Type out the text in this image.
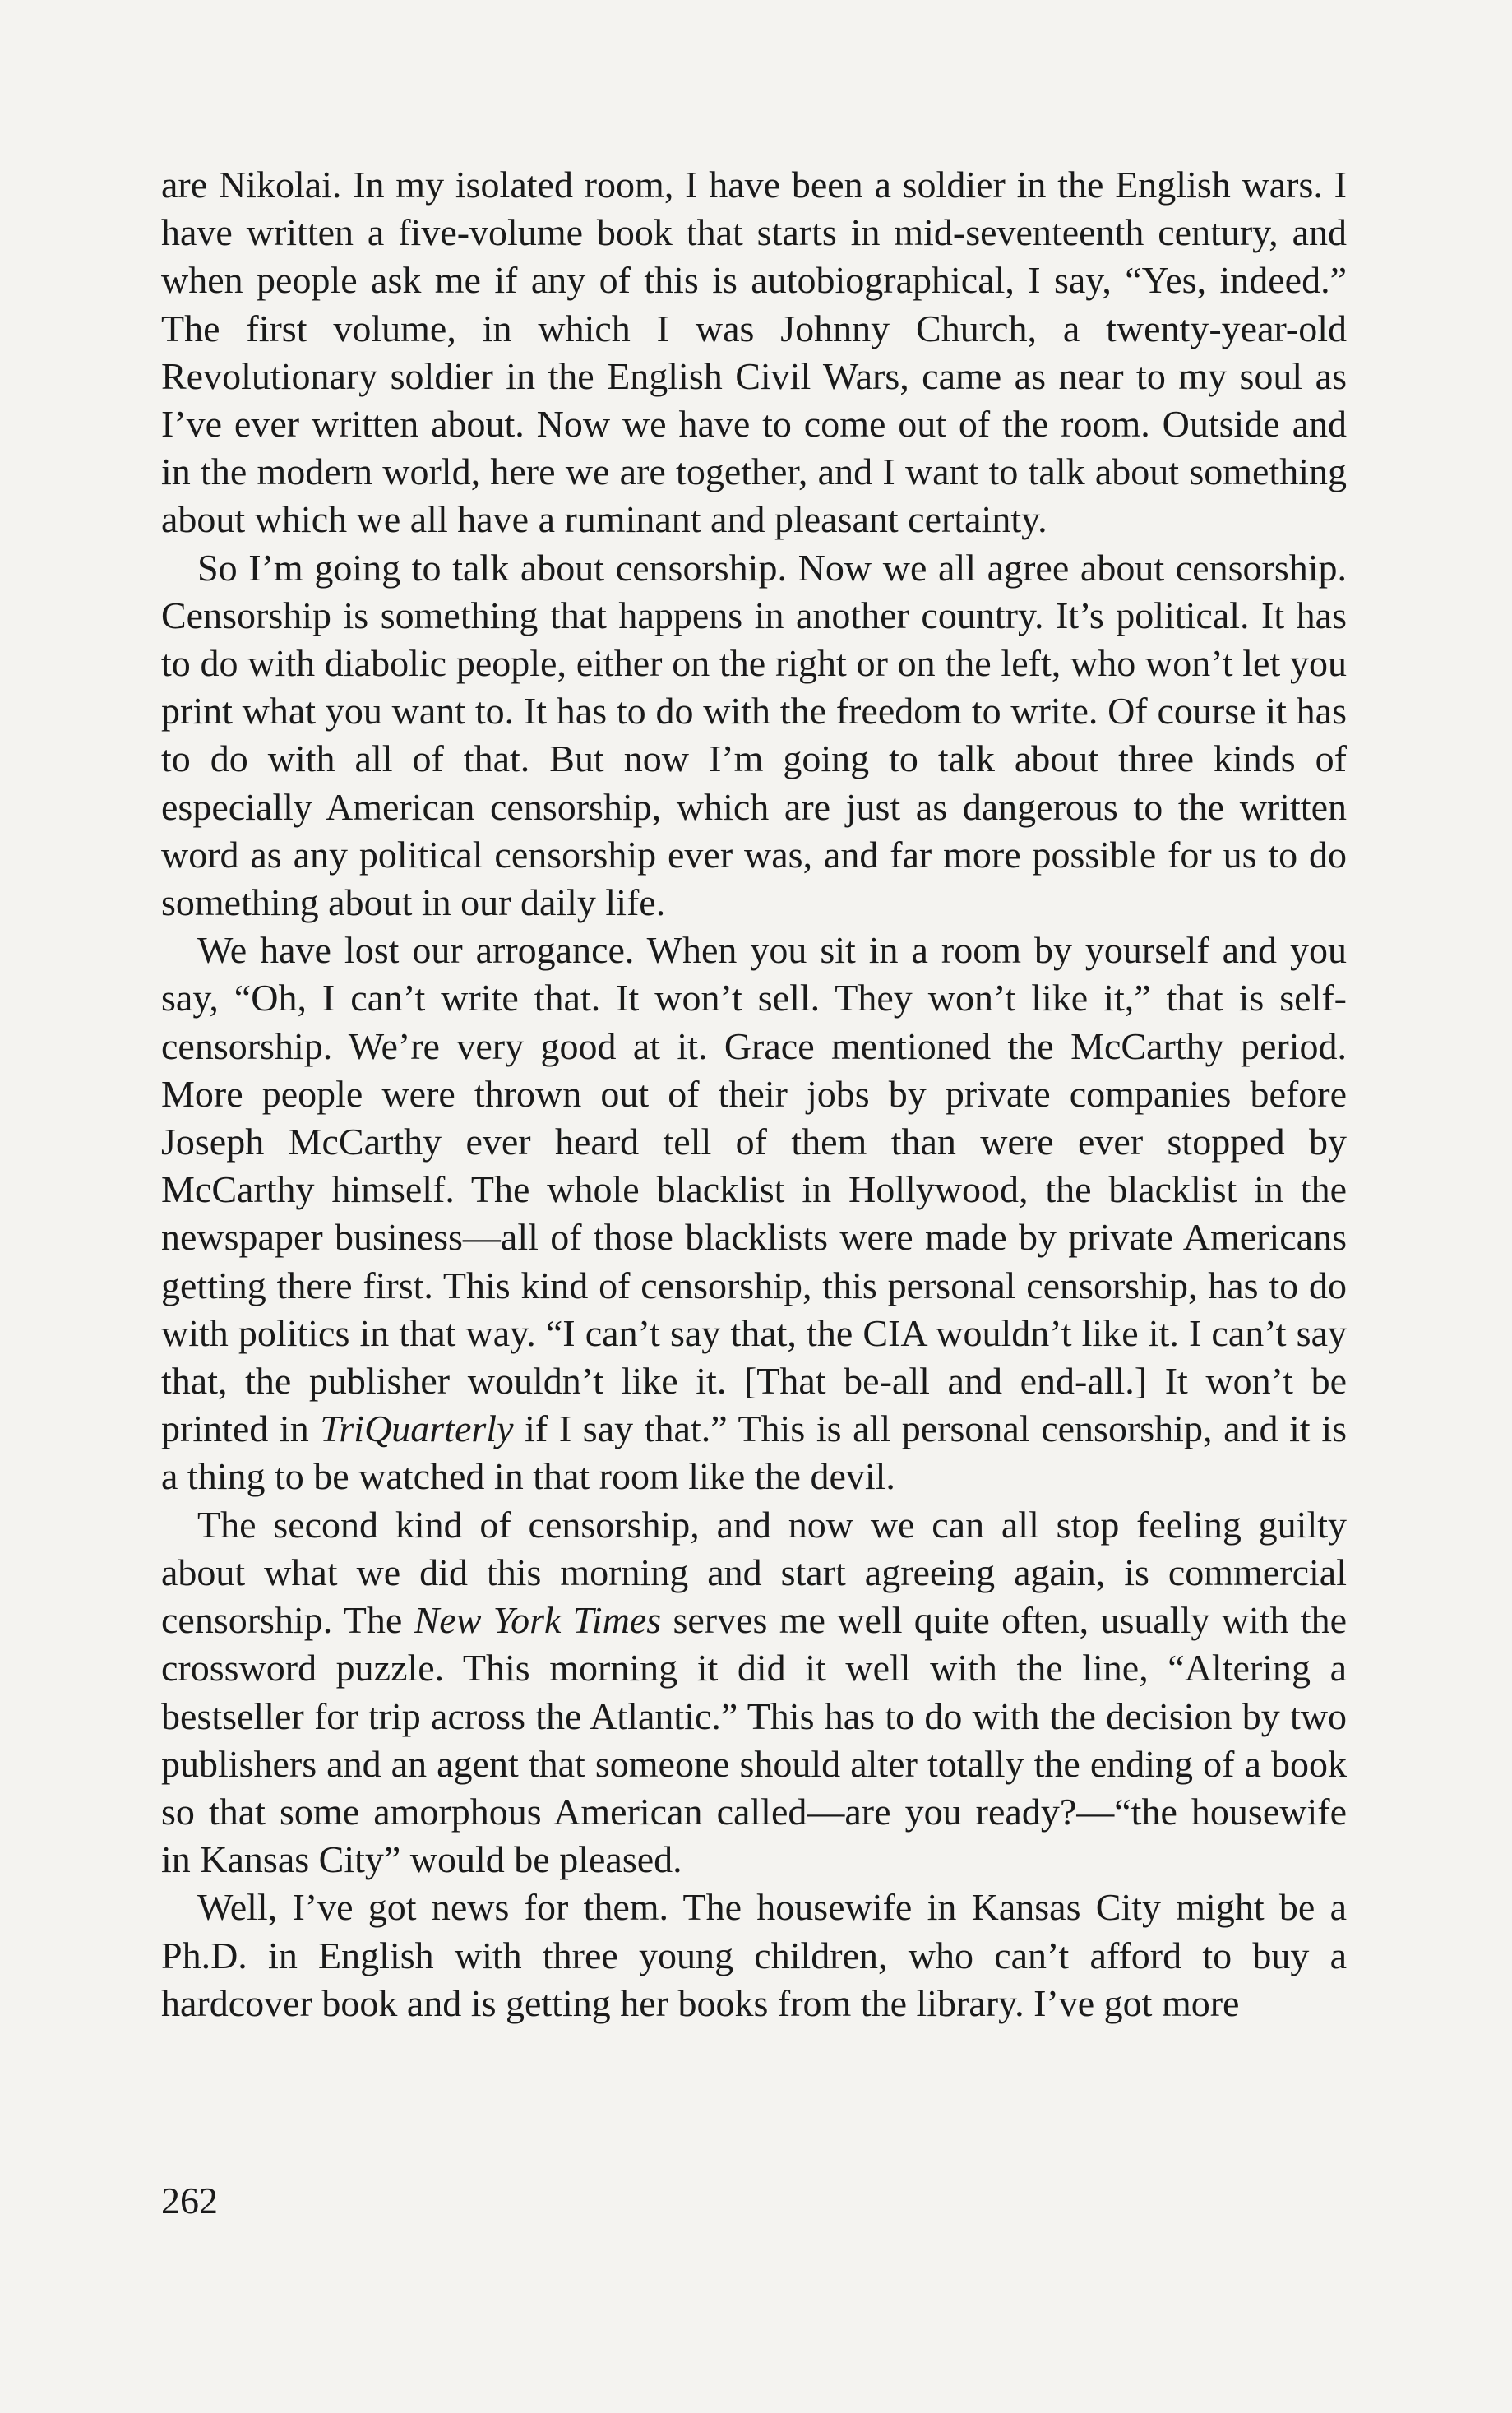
are Nikolai. In my isolated room, I have been a soldier in the English wars. I have written a five-volume book that starts in mid-seventeenth century, and when people ask me if any of this is autobiographical, I say, “Yes, indeed.” The first volume, in which I was Johnny Church, a twenty-year-old Revolutionary soldier in the English Civil Wars, came as near to my soul as I’ve ever written about. Now we have to come out of the room. Outside and in the modern world, here we are together, and I want to talk about something about which we all have a ruminant and pleasant certainty.

So I’m going to talk about censorship. Now we all agree about censorship. Censorship is something that happens in another country. It’s political. It has to do with diabolic people, either on the right or on the left, who won’t let you print what you want to. It has to do with the freedom to write. Of course it has to do with all of that. But now I’m going to talk about three kinds of especially American censorship, which are just as dangerous to the written word as any political censorship ever was, and far more possible for us to do something about in our daily life.

We have lost our arrogance. When you sit in a room by yourself and you say, “Oh, I can’t write that. It won’t sell. They won’t like it,” that is self-censorship. We’re very good at it. Grace mentioned the McCarthy period. More people were thrown out of their jobs by private companies before Joseph McCarthy ever heard tell of them than were ever stopped by McCarthy himself. The whole blacklist in Hollywood, the blacklist in the newspaper business—all of those blacklists were made by private Americans getting there first. This kind of censorship, this personal censorship, has to do with politics in that way. “I can’t say that, the CIA wouldn’t like it. I can’t say that, the publisher wouldn’t like it. [That be-all and end-all.] It won’t be printed in TriQuarterly if I say that.” This is all personal censorship, and it is a thing to be watched in that room like the devil.

The second kind of censorship, and now we can all stop feeling guilty about what we did this morning and start agreeing again, is commercial censorship. The New York Times serves me well quite often, usually with the crossword puzzle. This morning it did it well with the line, “Altering a bestseller for trip across the Atlantic.” This has to do with the decision by two publishers and an agent that someone should alter totally the ending of a book so that some amorphous American called—are you ready?—“the housewife in Kansas City” would be pleased.

Well, I’ve got news for them. The housewife in Kansas City might be a Ph.D. in English with three young children, who can’t afford to buy a hardcover book and is getting her books from the library. I’ve got more

262
